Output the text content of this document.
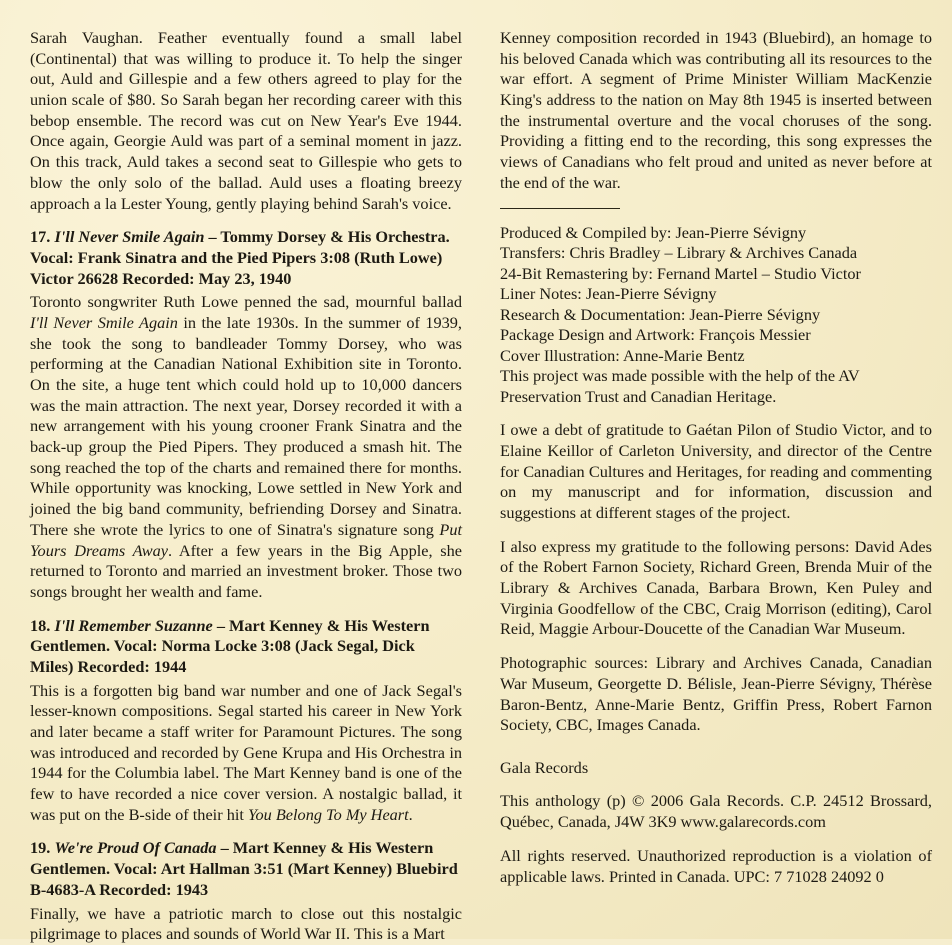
Sarah Vaughan. Feather eventually found a small label (Continental) that was willing to produce it. To help the singer out, Auld and Gillespie and a few others agreed to play for the union scale of $80. So Sarah began her recording career with this bebop ensemble. The record was cut on New Year's Eve 1944. Once again, Georgie Auld was part of a seminal moment in jazz. On this track, Auld takes a second seat to Gillespie who gets to blow the only solo of the ballad. Auld uses a floating breezy approach a la Lester Young, gently playing behind Sarah's voice.

17. I'll Never Smile Again – Tommy Dorsey & His Orchestra. Vocal: Frank Sinatra and the Pied Pipers 3:08 (Ruth Lowe) Victor 26628 Recorded: May 23, 1940

Toronto songwriter Ruth Lowe penned the sad, mournful ballad I'll Never Smile Again in the late 1930s. In the summer of 1939, she took the song to bandleader Tommy Dorsey, who was performing at the Canadian National Exhibition site in Toronto. On the site, a huge tent which could hold up to 10,000 dancers was the main attraction. The next year, Dorsey recorded it with a new arrangement with his young crooner Frank Sinatra and the back-up group the Pied Pipers. They produced a smash hit. The song reached the top of the charts and remained there for months. While opportunity was knocking, Lowe settled in New York and joined the big band community, befriending Dorsey and Sinatra. There she wrote the lyrics to one of Sinatra's signature song Put Yours Dreams Away. After a few years in the Big Apple, she returned to Toronto and married an investment broker. Those two songs brought her wealth and fame.

18. I'll Remember Suzanne – Mart Kenney & His Western Gentlemen. Vocal: Norma Locke 3:08 (Jack Segal, Dick Miles) Recorded: 1944

This is a forgotten big band war number and one of Jack Segal's lesser-known compositions. Segal started his career in New York and later became a staff writer for Paramount Pictures. The song was introduced and recorded by Gene Krupa and His Orchestra in 1944 for the Columbia label. The Mart Kenney band is one of the few to have recorded a nice cover version. A nostalgic ballad, it was put on the B-side of their hit You Belong To My Heart.

19. We're Proud Of Canada – Mart Kenney & His Western Gentlemen. Vocal: Art Hallman 3:51 (Mart Kenney) Bluebird B-4683-A Recorded: 1943

Finally, we have a patriotic march to close out this nostalgic pilgrimage to places and sounds of World War II. This is a Mart

Kenney composition recorded in 1943 (Bluebird), an homage to his beloved Canada which was contributing all its resources to the war effort. A segment of Prime Minister William MacKenzie King's address to the nation on May 8th 1945 is inserted between the instrumental overture and the vocal choruses of the song. Providing a fitting end to the recording, this song expresses the views of Canadians who felt proud and united as never before at the end of the war.

Produced & Compiled by: Jean-Pierre Sévigny
Transfers: Chris Bradley – Library & Archives Canada
24-Bit Remastering by: Fernand Martel – Studio Victor
Liner Notes: Jean-Pierre Sévigny
Research & Documentation: Jean-Pierre Sévigny
Package Design and Artwork: François Messier
Cover Illustration: Anne-Marie Bentz
This project was made possible with the help of the AV Preservation Trust and Canadian Heritage.

I owe a debt of gratitude to Gaétan Pilon of Studio Victor, and to Elaine Keillor of Carleton University, and director of the Centre for Canadian Cultures and Heritages, for reading and commenting on my manuscript and for information, discussion and suggestions at different stages of the project.

I also express my gratitude to the following persons: David Ades of the Robert Farnon Society, Richard Green, Brenda Muir of the Library & Archives Canada, Barbara Brown, Ken Puley and Virginia Goodfellow of the CBC, Craig Morrison (editing), Carol Reid, Maggie Arbour-Doucette of the Canadian War Museum.

Photographic sources: Library and Archives Canada, Canadian War Museum, Georgette D. Bélisle, Jean-Pierre Sévigny, Thérèse Baron-Bentz, Anne-Marie Bentz, Griffin Press, Robert Farnon Society, CBC, Images Canada.

Gala Records

This anthology (p) © 2006 Gala Records. C.P. 24512 Brossard, Québec, Canada, J4W 3K9 www.galarecords.com

All rights reserved. Unauthorized reproduction is a violation of applicable laws. Printed in Canada. UPC: 7 71028 24092 0
